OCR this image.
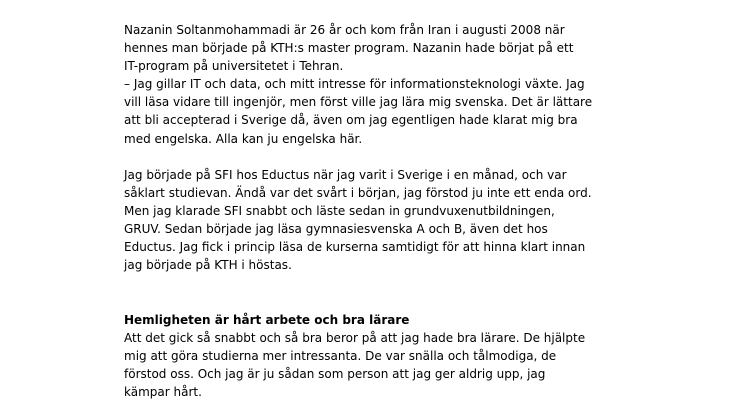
Nazanin Soltanmohammadi är 26 år och kom från Iran i augusti 2008 när
hennes man började på KTH:s master program. Nazanin hade börjat på ett
IT-program på universitetet i Tehran.
– Jag gillar IT och data, och mitt intresse för informationsteknologi växte. Jag
vill läsa vidare till ingenjör, men först ville jag lära mig svenska. Det är lättare
att bli accepterad i Sverige då, även om jag egentligen hade klarat mig bra
med engelska. Alla kan ju engelska här.

Jag började på SFI hos Eductus när jag varit i Sverige i en månad, och var
såklart studievan. Ändå var det svårt i början, jag förstod ju inte ett enda ord.
Men jag klarade SFI snabbt och läste sedan in grundvuxenutbildningen,
GRUV. Sedan började jag läsa gymnasiesvenska A och B, även det hos
Eductus. Jag fick i princip läsa de kurserna samtidigt för att hinna klart innan
jag började på KTH i höstas.

Hemligheten är hårt arbete och bra lärare
Att det gick så snabbt och så bra beror på att jag hade bra lärare. De hjälpte
mig att göra studierna mer intressanta. De var snälla och tålmodiga, de
förstod oss. Och jag är ju sådan som person att jag ger aldrig upp, jag
kämpar hårt.
